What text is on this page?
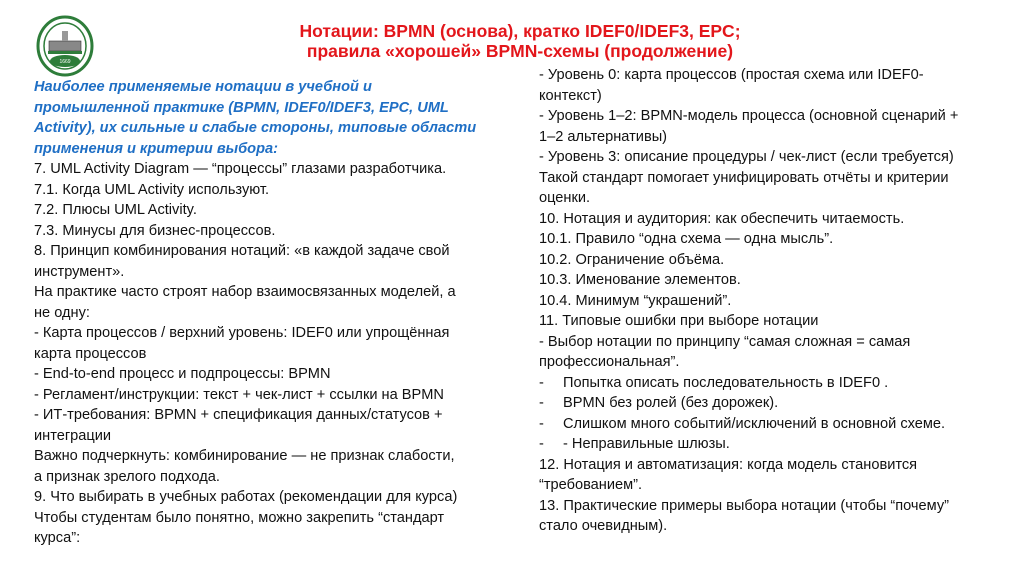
1669
Нотации: BPMN (основа), кратко IDEF0/IDEF3, EPC;
правила «хорошей» BPMN-схемы (продолжение)
Наиболее применяемые нотации в учебной и
промышленной практике (BPMN, IDEF0/IDEF3, EPC, UML
Activity), их сильные и слабые стороны, типовые области
применения и критерии выбора:
7. UML Activity Diagram — “процессы” глазами разработчика.
7.1. Когда UML Activity используют.
7.2. Плюсы UML Activity.
7.3. Минусы для бизнес-процессов.
8. Принцип комбинирования нотаций: «в каждой задаче свой
инструмент».
На практике часто строят набор взаимосвязанных моделей, а
не одну:
- Карта процессов / верхний уровень: IDEF0 или упрощённая
карта процессов
- End-to-end процесс и подпроцессы: BPMN
- Регламент/инструкции: текст + чек-лист + ссылки на BPMN
- ИТ-требования: BPMN + спецификация данных/статусов +
интеграции
Важно подчеркнуть: комбинирование — не признак слабости,
а признак зрелого подхода.
9. Что выбирать в учебных работах (рекомендации для курса)
Чтобы студентам было понятно, можно закрепить “стандарт
курса”:
- Уровень 0: карта процессов (простая схема или IDEF0-
контекст)
- Уровень 1–2: BPMN-модель процесса (основной сценарий +
1–2 альтернативы)
- Уровень 3: описание процедуры / чек-лист (если требуется)
Такой стандарт помогает унифицировать отчёты и критерии
оценки.
10. Нотация и аудитория: как обеспечить читаемость.
10.1. Правило “одна схема — одна мысль”.
10.2. Ограничение объёма.
10.3. Именование элементов.
10.4. Минимум “украшений”.
11. Типовые ошибки при выборе нотации
- Выбор нотации по принципу “самая сложная = самая
профессиональная”.
- Попытка описать последовательность в IDEF0 .
- BPMN без ролей (без дорожек).
- Слишком много событий/исключений в основной схеме.
- - Неправильные шлюзы.
12. Нотация и автоматизация: когда модель становится
“требованием”.
13. Практические примеры выбора нотации (чтобы “почему”
стало очевидным).
